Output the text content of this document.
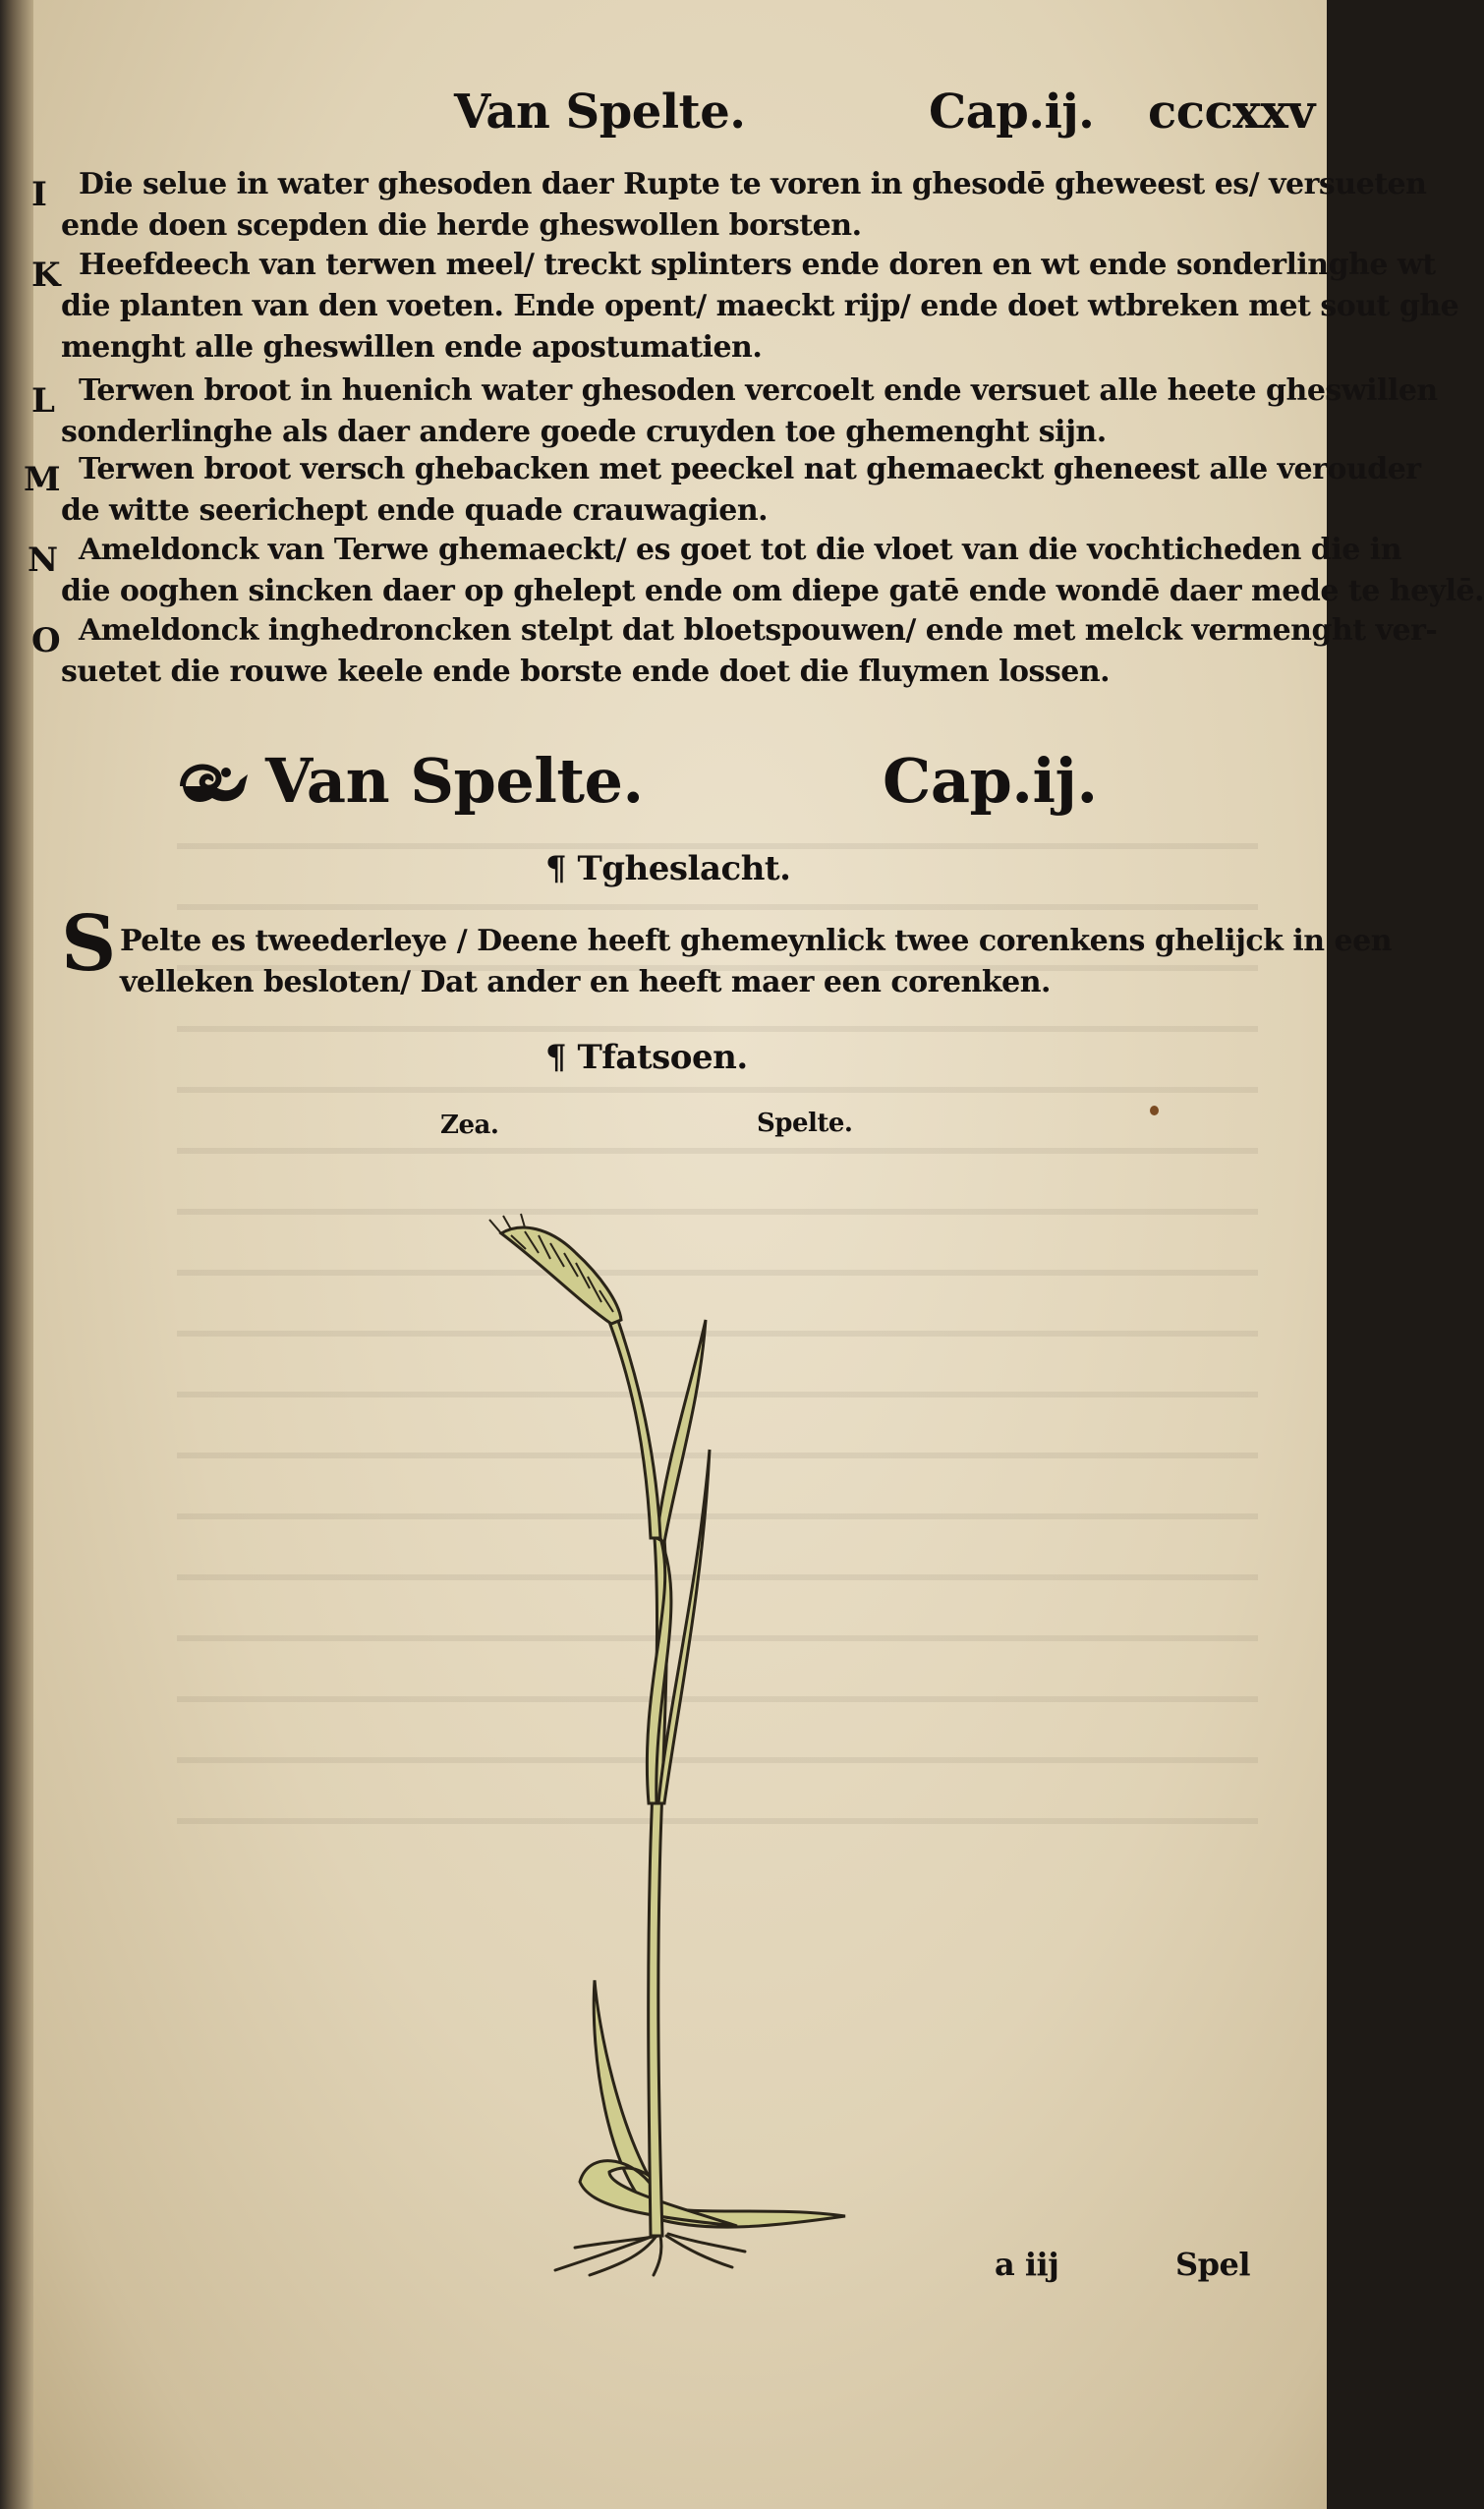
Van Spelte.	Cap.ij. cccxxv
I Die selue in water ghesoden daer Rupte te voren in ghesodē gheweest es/ versueten
ende doen scepden die herde gheswollen borsten.
K Heefdeech van terwen meel/ treckt splinters ende doren en wt ende sonderlinghe wt
die planten van den voeten. Ende opent/ maeckt rijp/ ende doet wtbreken met sout ghe
menght alle gheswillen ende apostumatien.
L Terwen broot in huenich water ghesoden vercoelt ende versuet alle heete gheswillen
sonderlinghe als daer andere goede cruyden toe ghemenght sijn.
M Terwen broot versch ghebacken met peeckel nat ghemaeckt gheneest alle verouder
de witte seerichept ende quade crauwagien.
N Ameldonck van Terwe ghemaeckt/ es goet tot die vloet van die vochticheden die in
die ooghen sincken daer op ghelept ende om diepe gatē ende wondē daer mede te heylē.
O Ameldonck inghedroncken stelpt dat bloetspouwen/ ende met melck vermenght ver-
suetet die rouwe keele ende borste ende doet die fluymen lossen.
Van Spelte.	Cap.ij.
¶ Tgheslacht.
S Pelte es tweederleye / Deene heeft ghemeynlick twee corenkens ghelijck in een
velleken besloten/ Dat ander en heeft maer een corenken.
¶ Tfatsoen.
Zea.	Spelte.
a iij	Spel
